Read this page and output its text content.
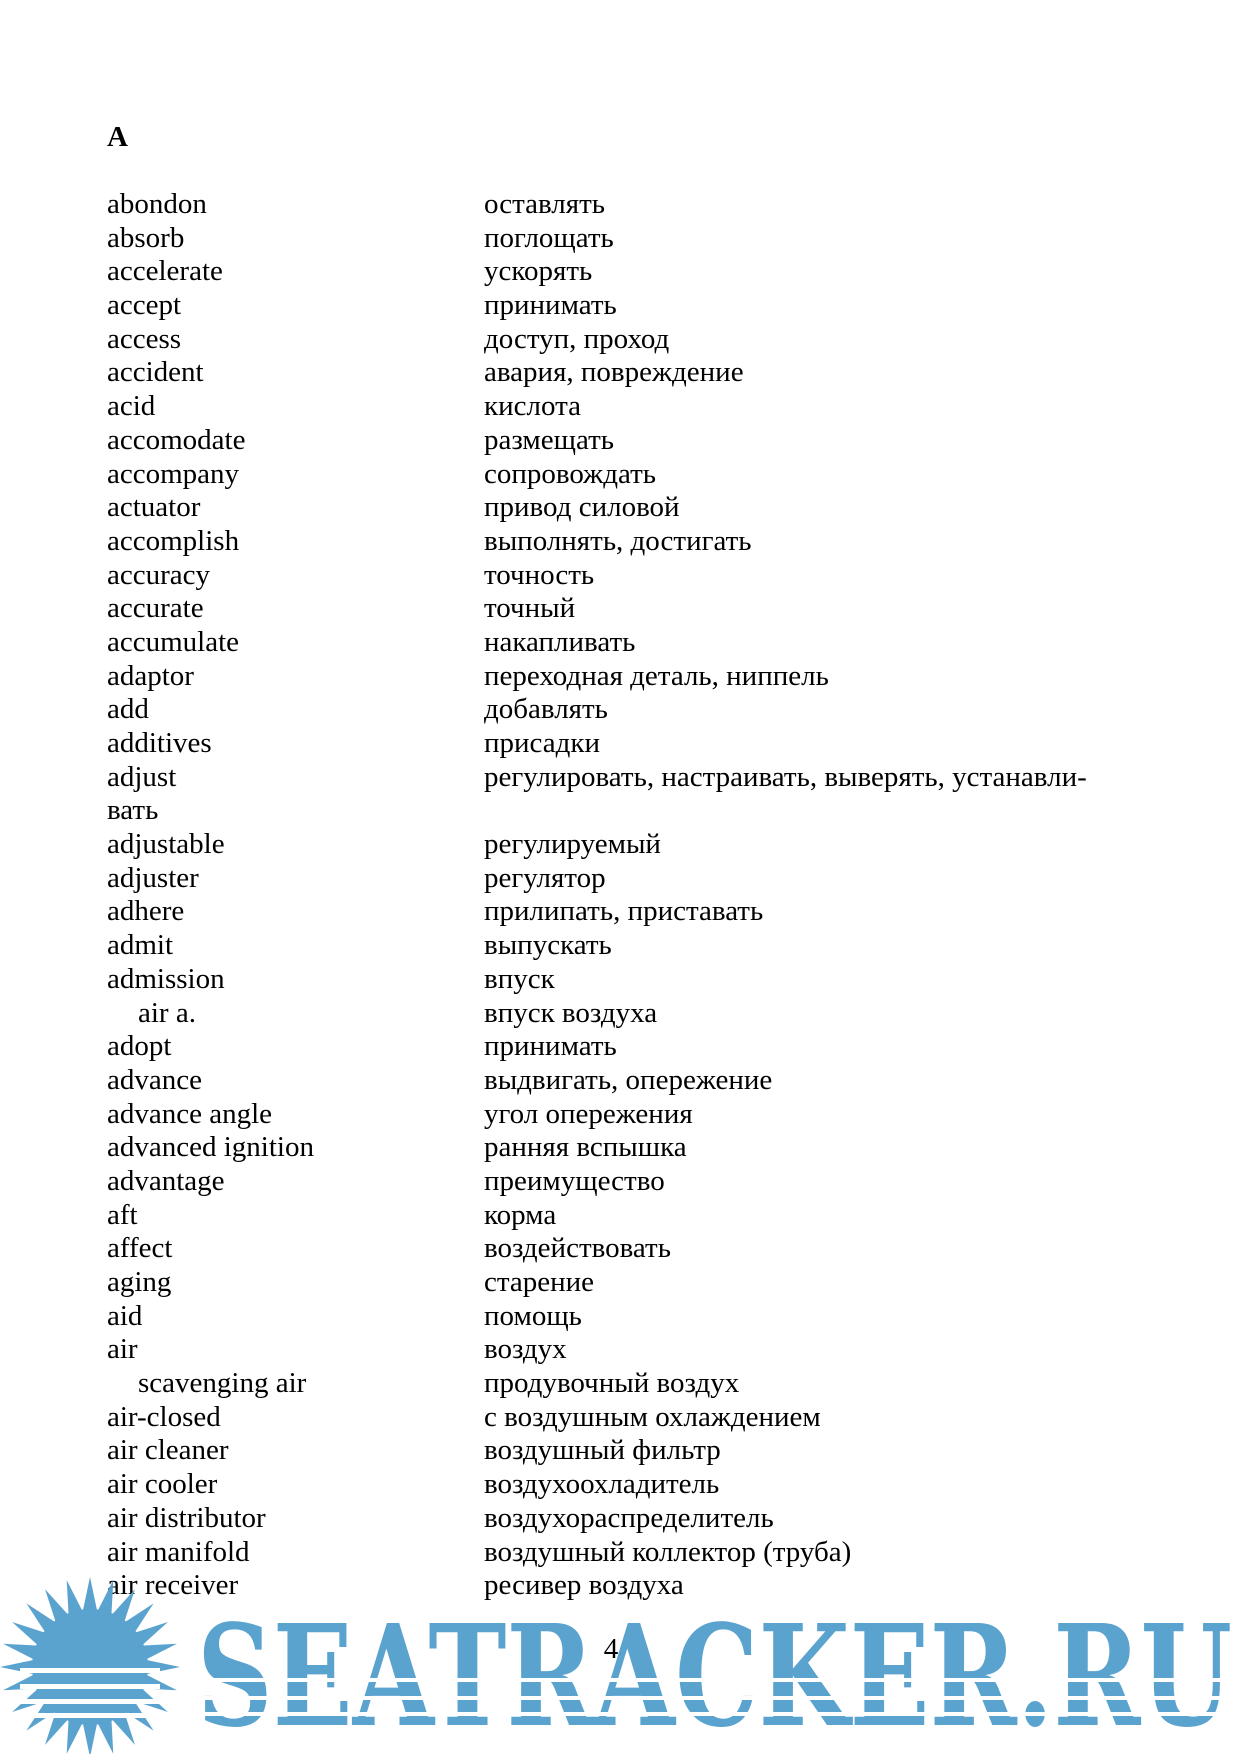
A
abondon	оставлять
absorb	поглощать
accelerate	ускорять
accept	принимать
access	доступ, проход
accident	авария, повреждение
acid	кислота
accomodate	размещать
accompany	сопровождать
actuator	привод силовой
accomplish	выполнять, достигать
accuracy	точность
accurate	точный
accumulate	накапливать
adaptor	переходная деталь, ниппель
add	добавлять
additives	присадки
adjust	регулировать, настраивать, выверять, устанавли-
вать
adjustable	регулируемый
adjuster	регулятор
adhere	прилипать, приставать
admit	выпускать
admission	впуск
air a.	впуск воздуха
adopt	принимать
advance	выдвигать, опережение
advance angle	угол опережения
advanced ignition	ранняя вспышка
advantage	преимущество
aft	корма
affect	воздействовать
aging	старение
aid	помощь
air	воздух
scavenging air	продувочный воздух
air-closed	с воздушным охлаждением
air cleaner	воздушный фильтр
air cooler	воздухоохладитель
air distributor	воздухораспределитель
air manifold	воздушный коллектор (труба)
air receiver	ресивер воздуха
4
SEATRACKER.RU
